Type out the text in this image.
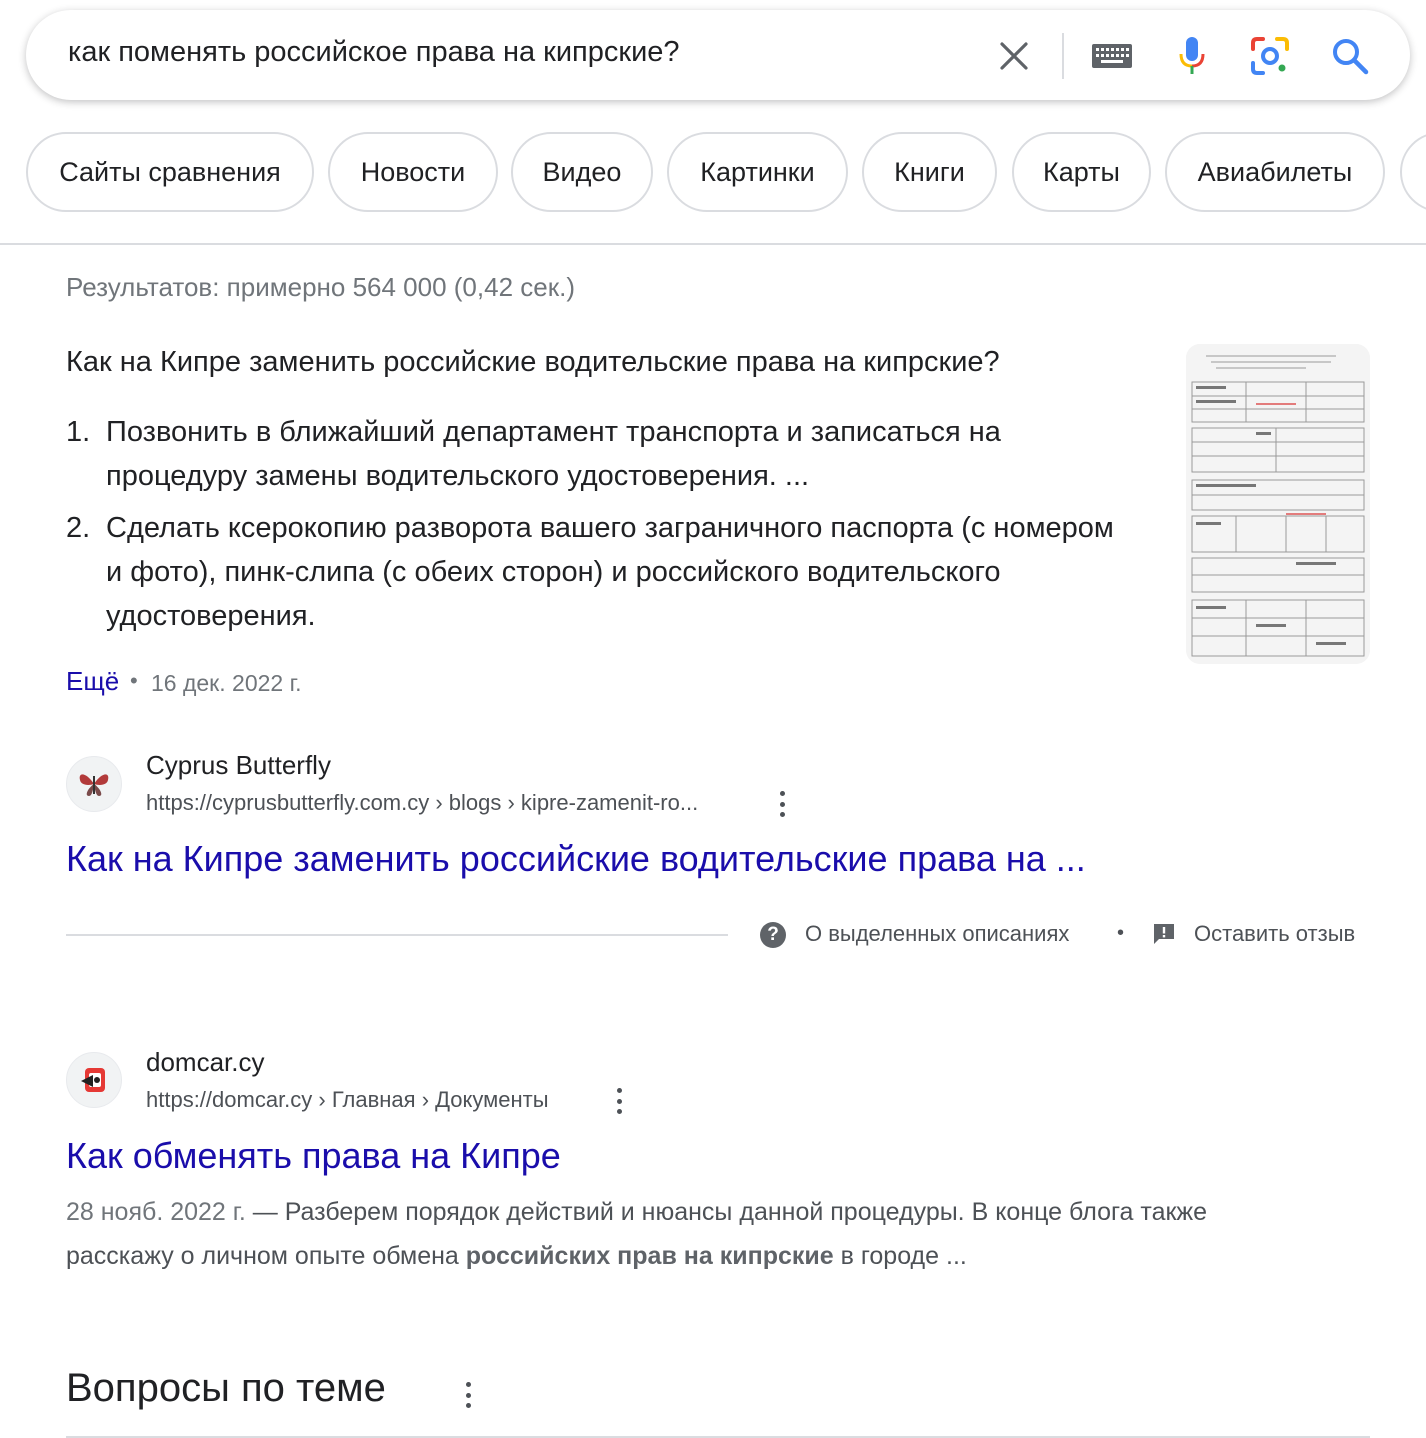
как поменять российское права на кипрские?
Сайты сравнения	Новости	Видео	Картинки	Книги	Карты	Авиабилеты
Результатов: примерно 564 000 (0,42 сек.)
Как на Кипре заменить российские водительские права на кипрские?
1. Позвонить в ближайший департамент транспорта и записаться на процедуру замены водительского удостоверения. ...
2. Сделать ксерокопию разворота вашего заграничного паспорта (с номером и фото), пинк-слипа (с обеих сторон) и российского водительского удостоверения.
Ещё • 16 дек. 2022 г.
Cyprus Butterfly
https://cyprusbutterfly.com.cy › blogs › kipre-zamenit-ro...
Как на Кипре заменить российские водительские права на ...
?	О выделенных описаниях •	Оставить отзыв
domcar.cy
https://domcar.cy › Главная › Документы
Как обменять права на Кипре
28 нояб. 2022 г. — Разберем порядок действий и нюансы данной процедуры. В конце блога также расскажу о личном опыте обмена российских прав на кипрские в городе ...
Вопросы по теме
